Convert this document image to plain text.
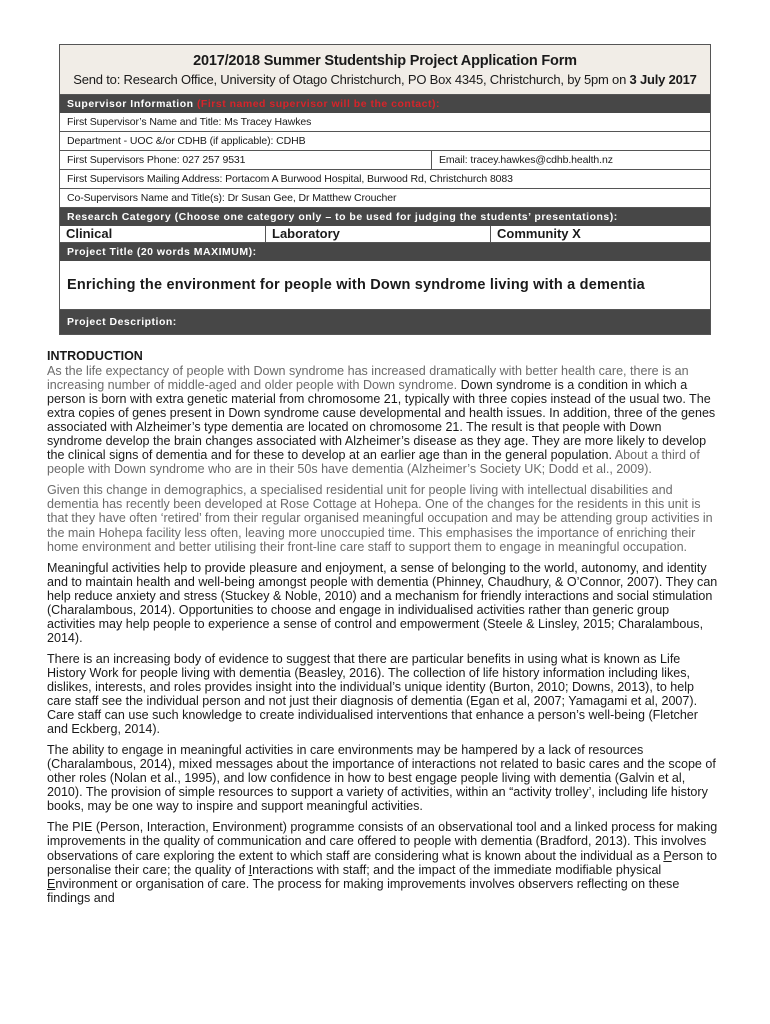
2017/2018 Summer Studentship Project Application Form
Send to: Research Office, University of Otago Christchurch, PO Box 4345, Christchurch, by 5pm on 3 July 2017
Supervisor Information (First named supervisor will be the contact):
First Supervisor’s Name and Title: Ms Tracey Hawkes
Department - UOC &/or CDHB (if applicable): CDHB
First Supervisors Phone: 027 257 9531	Email: tracey.hawkes@cdhb.health.nz
First Supervisors Mailing Address: Portacom A Burwood Hospital, Burwood Rd, Christchurch 8083
Co-Supervisors Name and Title(s): Dr Susan Gee, Dr Matthew Croucher
Research Category (Choose one category only – to be used for judging the students’ presentations):
Clinical	Laboratory	Community X
Project Title (20 words MAXIMUM):
Enriching the environment for people with Down syndrome living with a dementia
Project Description:
INTRODUCTION

As the life expectancy of people with Down syndrome has increased dramatically with better health care, there is an increasing number of middle-aged and older people with Down syndrome. Down syndrome is a condition in which a person is born with extra genetic material from chromosome 21, typically with three copies instead of the usual two. The extra copies of genes present in Down syndrome cause developmental and health issues. In addition, three of the genes associated with Alzheimer’s type dementia are located on chromosome 21. The result is that people with Down syndrome develop the brain changes associated with Alzheimer’s disease as they age. They are more likely to develop the clinical signs of dementia and for these to develop at an earlier age than in the general population. About a third of people with Down syndrome who are in their 50s have dementia (Alzheimer’s Society UK; Dodd et al., 2009).

Given this change in demographics, a specialised residential unit for people living with intellectual disabilities and dementia has recently been developed at Rose Cottage at Hohepa. One of the changes for the residents in this unit is that they have often ‘retired’ from their regular organised meaningful occupation and may be attending group activities in the main Hohepa facility less often, leaving more unoccupied time. This emphasises the importance of enriching their home environment and better utilising their front-line care staff to support them to engage in meaningful occupation.

Meaningful activities help to provide pleasure and enjoyment, a sense of belonging to the world, autonomy, and identity and to maintain health and well-being amongst people with dementia (Phinney, Chaudhury, & O’Connor, 2007). They can help reduce anxiety and stress (Stuckey & Noble, 2010) and a mechanism for friendly interactions and social stimulation (Charalambous, 2014). Opportunities to choose and engage in individualised activities rather than generic group activities may help people to experience a sense of control and empowerment (Steele & Linsley, 2015; Charalambous, 2014).

There is an increasing body of evidence to suggest that there are particular benefits in using what is known as Life History Work for people living with dementia (Beasley, 2016). The collection of life history information including likes, dislikes, interests, and roles provides insight into the individual’s unique identity (Burton, 2010; Downs, 2013), to help care staff see the individual person and not just their diagnosis of dementia (Egan et al, 2007; Yamagami et al, 2007). Care staff can use such knowledge to create individualised interventions that enhance a person’s well-being (Fletcher and Eckberg, 2014).

The ability to engage in meaningful activities in care environments may be hampered by a lack of resources (Charalambous, 2014), mixed messages about the importance of interactions not related to basic cares and the scope of other roles (Nolan et al., 1995), and low confidence in how to best engage people living with dementia (Galvin et al, 2010). The provision of simple resources to support a variety of activities, within an “activity trolley’, including life history books, may be one way to inspire and support meaningful activities.

The PIE (Person, Interaction, Environment) programme consists of an observational tool and a linked process for making improvements in the quality of communication and care offered to people with dementia (Bradford, 2013). This involves observations of care exploring the extent to which staff are considering what is known about the individual as a Person to personalise their care; the quality of Interactions with staff; and the impact of the immediate modifiable physical Environment or organisation of care. The process for making improvements involves observers reflecting on these findings and
